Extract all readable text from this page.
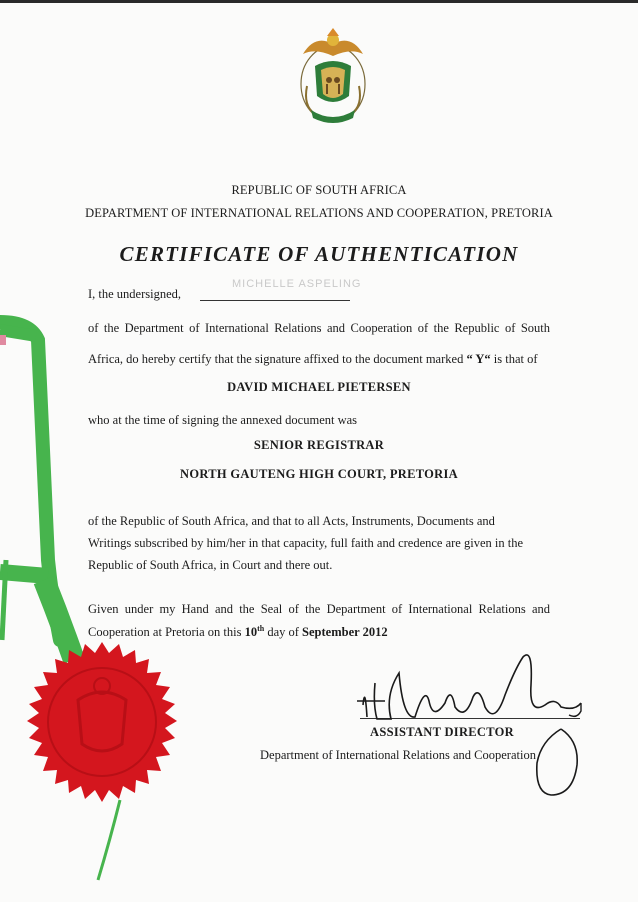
REPUBLIC OF SOUTH AFRICA
DEPARTMENT OF INTERNATIONAL RELATIONS AND COOPERATION, PRETORIA
CERTIFICATE OF AUTHENTICATION
I, the undersigned,
MICHELLE ASPELING
of the Department of International Relations and Cooperation of the Republic of South
Africa, do hereby certify that the signature affixed to the document marked “ Y“ is that of
DAVID MICHAEL PIETERSEN
who at the time of signing the annexed document was
SENIOR REGISTRAR
NORTH GAUTENG HIGH COURT, PRETORIA
of the Republic of South Africa, and that to all Acts, Instruments, Documents and
Writings subscribed by him/her in that capacity, full faith and credence are given in the
Republic of South Africa, in Court and there out.
Given under my Hand and the Seal of the Department of International Relations and
Cooperation at Pretoria on this 10th day of September 2012
ASSISTANT DIRECTOR
Department of International Relations and Cooperation
